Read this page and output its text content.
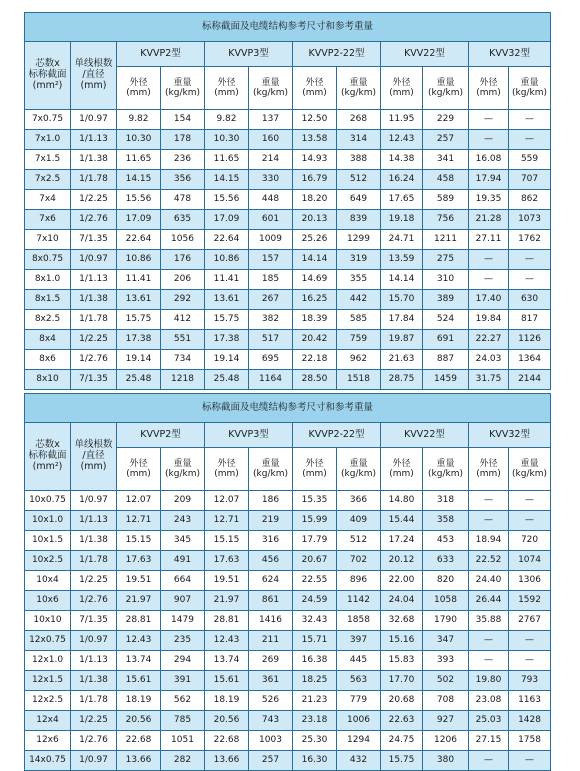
标称截面及电缆结构参考尺寸和参考重量											

芯数x
标称截面
(mm²)	单线根数
/直径
(mm)	KVVP2型		KVVP3型		KVVP2-22型		KVV22型		KVV32型	

		外径
(mm)	重量
(kg/km)	外径
(mm)	重量
(kg/km)	外径
(mm)	重量
(kg/km)	外径
(mm)	重量
(kg/km)	外径
(mm)	重量
(kg/km)

7x0.75	1/0.97	9.82	154	9.82	137	12.50	268	11.95	229	—	—
7x1.0	1/1.13	10.30	178	10.30	160	13.58	314	12.43	257	—	—
7x1.5	1/1.38	11.65	236	11.65	214	14.93	388	14.38	341	16.08	559
7x2.5	1/1.78	14.15	356	14.15	330	16.79	512	16.24	458	17.94	707
7x4	1/2.25	15.56	478	15.56	448	18.20	649	17.65	589	19.35	862
7x6	1/2.76	17.09	635	17.09	601	20.13	839	19.18	756	21.28	1073
7x10	7/1.35	22.64	1056	22.64	1009	25.26	1299	24.71	1211	27.11	1762
8x0.75	1/0.97	10.86	176	10.86	157	14.14	319	13.59	275	—	—
8x1.0	1/1.13	11.41	206	11.41	185	14.69	355	14.14	310	—	—
8x1.5	1/1.38	13.61	292	13.61	267	16.25	442	15.70	389	17.40	630
8x2.5	1/1.78	15.75	412	15.75	382	18.39	585	17.84	524	19.84	817
8x4	1/2.25	17.38	551	17.38	517	20.42	759	19.87	691	22.27	1126
8x6	1/2.76	19.14	734	19.14	695	22.18	962	21.63	887	24.03	1364
8x10	7/1.35	25.48	1218	25.48	1164	28.50	1518	28.75	1459	31.75	2144
标称截面及电缆结构参考尺寸和参考重量											

芯数x
标称截面
(mm²)	单线根数
/直径
(mm)	KVVP2型		KVVP3型		KVVP2-22型		KVV22型		KVV32型	

		外径
(mm)	重量
(kg/km)	外径
(mm)	重量
(kg/km)	外径
(mm)	重量
(kg/km)	外径
(mm)	重量
(kg/km)	外径
(mm)	重量
(kg/km)

10x0.75	1/0.97	12.07	209	12.07	186	15.35	366	14.80	318	—	—
10x1.0	1/1.13	12.71	243	12.71	219	15.99	409	15.44	358	—	—
10x1.5	1/1.38	15.15	345	15.15	316	17.79	512	17.24	453	18.94	720
10x2.5	1/1.78	17.63	491	17.63	456	20.67	702	20.12	633	22.52	1074
10x4	1/2.25	19.51	664	19.51	624	22.55	896	22.00	820	24.40	1306
10x6	1/2.76	21.97	907	21.97	861	24.59	1142	24.04	1058	26.44	1592
10x10	7/1.35	28.81	1479	28.81	1416	32.43	1858	32.68	1790	35.88	2767
12x0.75	1/0.97	12.43	235	12.43	211	15.71	397	15.16	347	—	—
12x1.0	1/1.13	13.74	294	13.74	269	16.38	445	15.83	393	—	—
12x1.5	1/1.38	15.61	391	15.61	361	18.25	563	17.70	502	19.80	793
12x2.5	1/1.78	18.19	562	18.19	526	21.23	779	20.68	708	23.08	1163
12x4	1/2.25	20.56	785	20.56	743	23.18	1006	22.63	927	25.03	1428
12x6	1/2.76	22.68	1051	22.68	1003	25.30	1294	24.75	1206	27.15	1758
14x0.75	1/0.97	13.66	282	13.66	257	16.30	432	15.75	380	—	—
